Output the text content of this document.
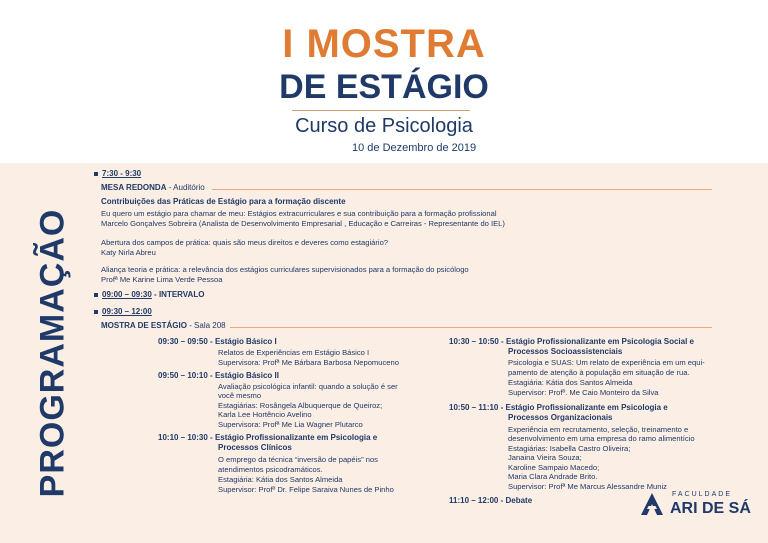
I MOSTRA
DE ESTÁGIO
Curso de Psicologia
10 de Dezembro de 2019
PROGRAMAÇÃO
7:30 - 9:30
MESA REDONDA - Auditório
Contribuições das Práticas de Estágio para a formação discente
Eu quero um estágio para chamar de meu: Estágios extracurriculares e sua contribuição para a formação profissional
Marcelo Gonçalves Sobreira (Analista de Desenvolvimento Empresarial , Educação e Carreiras - Representante do IEL)
Abertura dos campos de prática: quais são meus direitos e deveres como estagiário?
Katy Nirla Abreu
Aliança teoria e prática: a relevância dos estágios curriculares supervisionados para a formação do psicólogo
Profª Me Karine Lima Verde Pessoa
09:00 – 09:30 - INTERVALO
09:30 – 12:00
MOSTRA DE ESTÁGIO - Sala 208
09:30 – 09:50 - Estágio Básico I
Relatos de Experiências em Estágio Básico I
Supervisora: Profª Me Bárbara Barbosa Nepomuceno
09:50 – 10:10 - Estágio Básico II
Avaliação psicológica infantil: quando a solução é ser
você mesmo
Estagiárias: Rosângela Albuquerque de Queiroz;
Karla Lee Hortêncio Avelino
Supervisora: Profª Me Lia Wagner Plutarco
10:10 – 10:30 - Estágio Profissionalizante em Psicologia e
Processos Clínicos
O emprego da técnica “inversão de papéis” nos
atendimentos psicodramáticos.
Estagiária: Kátia dos Santos Almeida
Supervisor: Profº Dr. Felipe Saraiva Nunes de Pinho
10:30 – 10:50 - Estágio Profissionalizante em Psicologia Social e
Processos Socioassistenciais
Psicologia e SUAS: Um relato de experiência em um equi-
pamento de atenção à população em situação de rua.
Estagiária: Kátia dos Santos Almeida
Supervisor: Profº. Me Caio Monteiro da Silva
10:50 – 11:10 - Estágio Profissionalizante em Psicologia e
Processos Organizacionais
Experiência em recrutamento, seleção, treinamento e
desenvolvimento em uma empresa do ramo alimentício
Estagiárias: Isabella Castro Oliveira;
Janaina Vieira Souza;
Karoline Sampaio Macedo;
Maria Clara Andrade Brito.
Supervisor: Profª Me Marcus Alessandre Muniz
11:10 – 12:00 - Debate
FACULDADE
ARI DE SÁ
